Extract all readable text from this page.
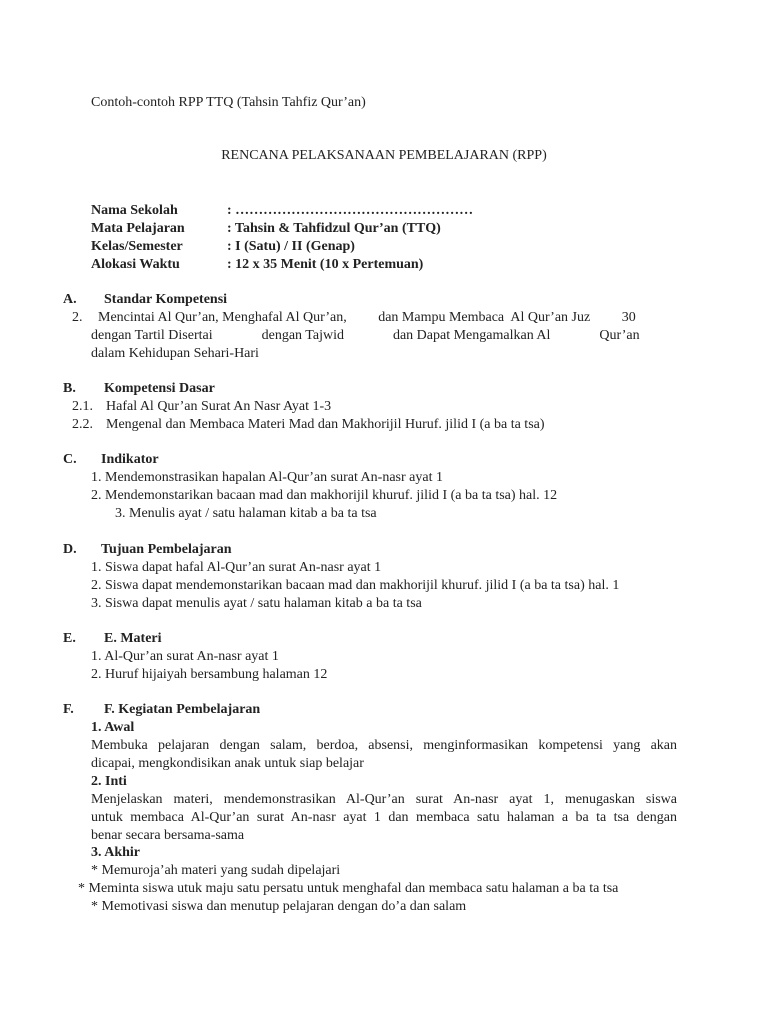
Contoh-contoh RPP TTQ (Tahsin Tahfiz Qur’an)
RENCANA PELAKSANAAN PEMBELAJARAN (RPP)
Nama Sekolah	: ……………………………………………
Mata Pelajaran	: Tahsin & Tahfidzul Qur’an (TTQ)
Kelas/Semester	: I (Satu) / II (Genap)
Alokasi Waktu	: 12 x 35 Menit (10 x Pertemuan)
A. Standar Kompetensi
2. Mencintai Al Qur’an, Menghafal Al Qur’an,         dan Mampu Membaca  Al Qur’an Juz         30
dengan Tartil Disertai              dengan Tajwid              dan Dapat Mengamalkan Al              Qur’an
dalam Kehidupan Sehari-Hari
B. Kompetensi Dasar
2.1. Hafal Al Qur’an Surat An Nasr Ayat 1-3
2.2. Mengenal dan Membaca Materi Mad dan Makhorijil Huruf. jilid I (a ba ta tsa)
C. Indikator
1. Mendemonstrasikan hapalan Al-Qur’an surat An-nasr ayat 1
2. Mendemonstarikan bacaan mad dan makhorijil khuruf. jilid I (a ba ta tsa) hal. 12
3. Menulis ayat / satu halaman kitab a ba ta tsa
D. Tujuan Pembelajaran
1. Siswa dapat hafal Al-Qur’an surat An-nasr ayat 1
2. Siswa dapat mendemonstarikan bacaan mad dan makhorijil khuruf. jilid I (a ba ta tsa) hal. 1
3. Siswa dapat menulis ayat / satu halaman kitab a ba ta tsa
E. E. Materi
1. Al-Qur’an surat An-nasr ayat 1
2. Huruf hijaiyah bersambung halaman 12
F. F. Kegiatan Pembelajaran
1. Awal
Membuka pelajaran dengan salam, berdoa, absensi, menginformasikan kompetensi yang akan
dicapai, mengkondisikan anak untuk siap belajar
2. Inti
Menjelaskan materi, mendemonstrasikan Al-Qur’an surat An-nasr ayat 1, menugaskan siswa
untuk membaca Al-Qur’an surat An-nasr ayat 1 dan membaca satu halaman a ba ta tsa dengan
benar secara bersama-sama
3. Akhir
* Memuroja’ah materi yang sudah dipelajari
* Meminta siswa utuk maju satu persatu untuk menghafal dan membaca satu halaman a ba ta tsa
* Memotivasi siswa dan menutup pelajaran dengan do’a dan salam
